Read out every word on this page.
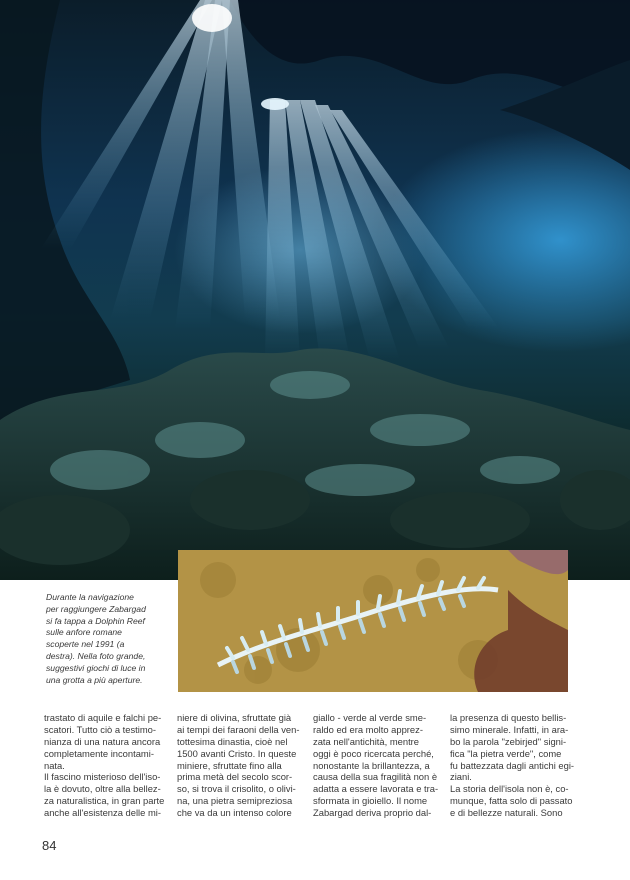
Durante la navigazione
per raggiungere Zabargad
si fa tappa a Dolphin Reef
sulle anfore romane
scoperte nel 1991 (a
destra). Nella foto grande,
suggestivi giochi di luce in
una grotta a più aperture.
trastato di aquile e falchi pe-
scatori. Tutto ciò a testimo-
nianza di una natura ancora
completamente incontami-
nata.
Il fascino misterioso dell'iso-
la è dovuto, oltre alla bellez-
za naturalistica, in gran parte
anche all'esistenza delle mi-
niere di olivina, sfruttate già
ai tempi dei faraoni della ven-
tottesima dinastia, cioè nel
1500 avanti Cristo. In queste
miniere, sfruttate fino alla
prima metà del secolo scor-
so, si trova il crisolito, o olivi-
na, una pietra semipreziosa
che va da un intenso colore
giallo - verde al verde sme-
raldo ed era molto apprez-
zata nell'antichità, mentre
oggi è poco ricercata perché,
nonostante la brillantezza, a
causa della sua fragilità non è
adatta a essere lavorata e tra-
sformata in gioiello. Il nome
Zabargad deriva proprio dal-
la presenza di questo bellis-
simo minerale. Infatti, in ara-
bo la parola "zebirjed" signi-
fica "la pietra verde", come
fu battezzata dagli antichi egi-
ziani.
La storia dell'isola non è, co-
munque, fatta solo di passato
e di bellezze naturali. Sono
84
